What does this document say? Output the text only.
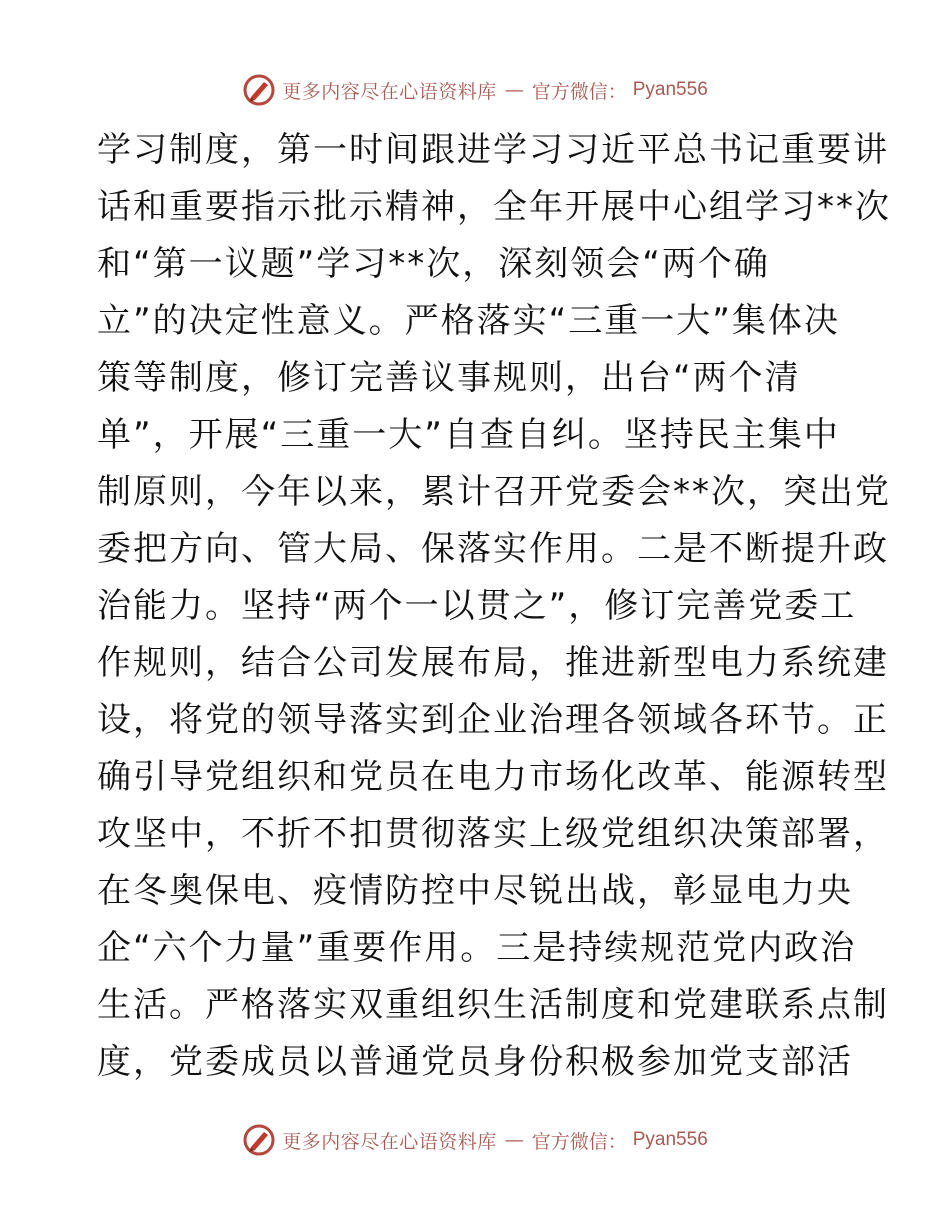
更多内容尽在心语资料库 — 官方微信： Pyan556
学习制度，第一时间跟进学习习近平总书记重要讲
话和重要指示批示精神，全年开展中心组学习**次
和“第一议题”学习**次，深刻领会“两个确
立”的决定性意义。严格落实“三重一大”集体决
策等制度，修订完善议事规则，出台“两个清
单”，开展“三重一大”自查自纠。坚持民主集中
制原则，今年以来，累计召开党委会**次，突出党
委把方向、管大局、保落实作用。二是不断提升政
治能力。坚持“两个一以贯之”，修订完善党委工
作规则，结合公司发展布局，推进新型电力系统建
设，将党的领导落实到企业治理各领域各环节。正
确引导党组织和党员在电力市场化改革、能源转型
攻坚中，不折不扣贯彻落实上级党组织决策部署，
在冬奥保电、疫情防控中尽锐出战，彰显电力央
企“六个力量”重要作用。三是持续规范党内政治
生活。严格落实双重组织生活制度和党建联系点制
度，党委成员以普通党员身份积极参加党支部活
更多内容尽在心语资料库 — 官方微信： Pyan556
